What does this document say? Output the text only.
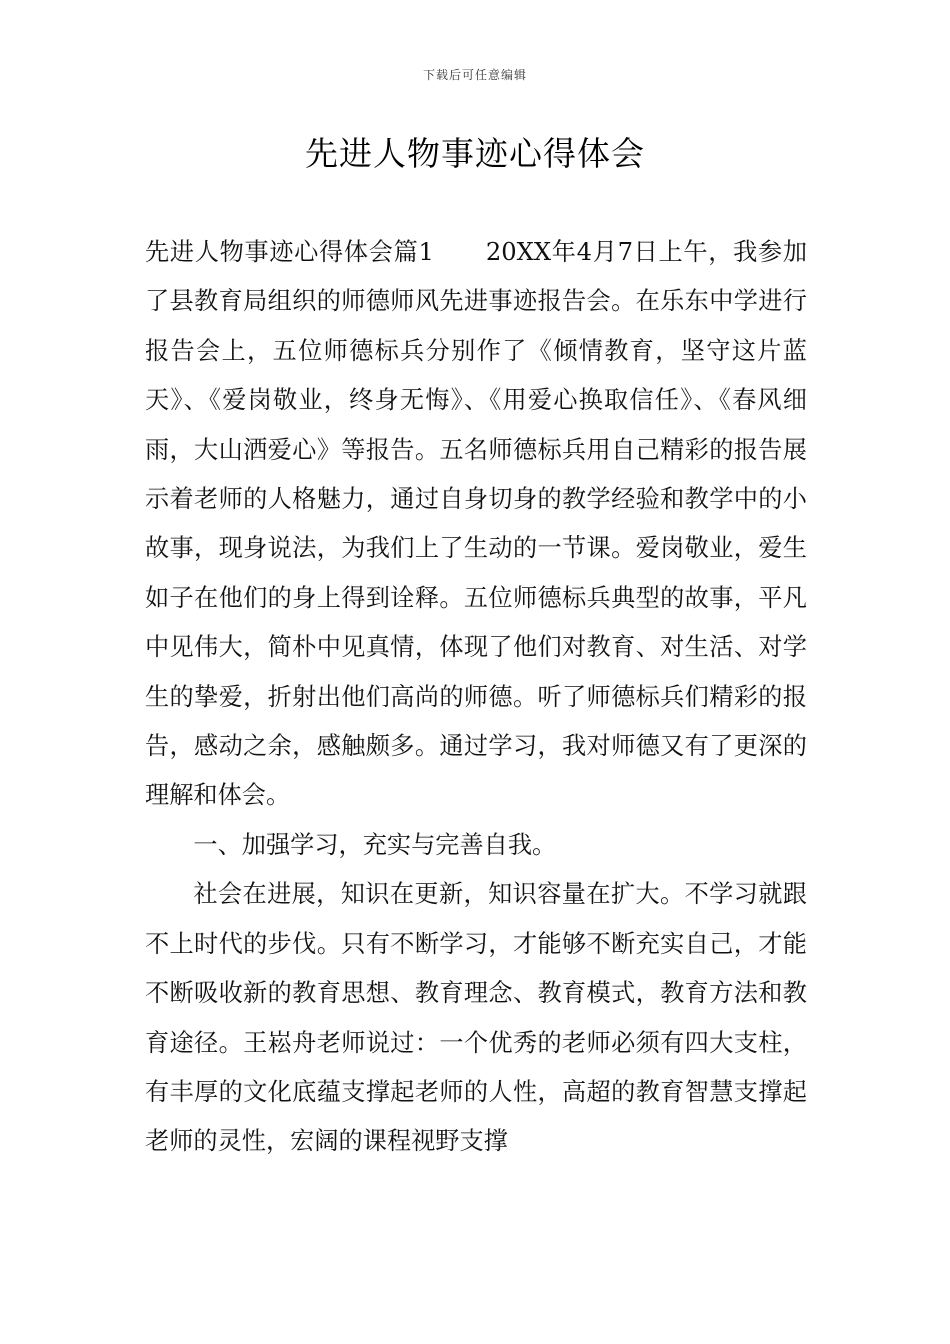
下载后可任意编辑
先进人物事迹心得体会

先进人物事迹心得体会篇1 20XX年4月7日上午，我参加了县教育局组织的师德师风先进事迹报告会。在乐东中学进行报告会上，五位师德标兵分别作了《倾情教育，坚守这片蓝天》、《爱岗敬业，终身无悔》、《用爱心换取信任》、《春风细雨，大山洒爱心》等报告。五名师德标兵用自己精彩的报告展示着老师的人格魅力，通过自身切身的教学经验和教学中的小故事，现身说法，为我们上了生动的一节课。爱岗敬业，爱生如子在他们的身上得到诠释。五位师德标兵典型的故事，平凡中见伟大，简朴中见真情，体现了他们对教育、对生活、对学生的挚爱，折射出他们高尚的师德。听了师德标兵们精彩的报告，感动之余，感触颇多。通过学习，我对师德又有了更深的理解和体会。

一、加强学习，充实与完善自我。

社会在进展，知识在更新，知识容量在扩大。不学习就跟不上时代的步伐。只有不断学习，才能够不断充实自己，才能不断吸收新的教育思想、教育理念、教育模式，教育方法和教育途径。王崧舟老师说过：一个优秀的老师必须有四大支柱，有丰厚的文化底蕴支撑起老师的人性，高超的教育智慧支撑起老师的灵性，宏阔的课程视野支撑
